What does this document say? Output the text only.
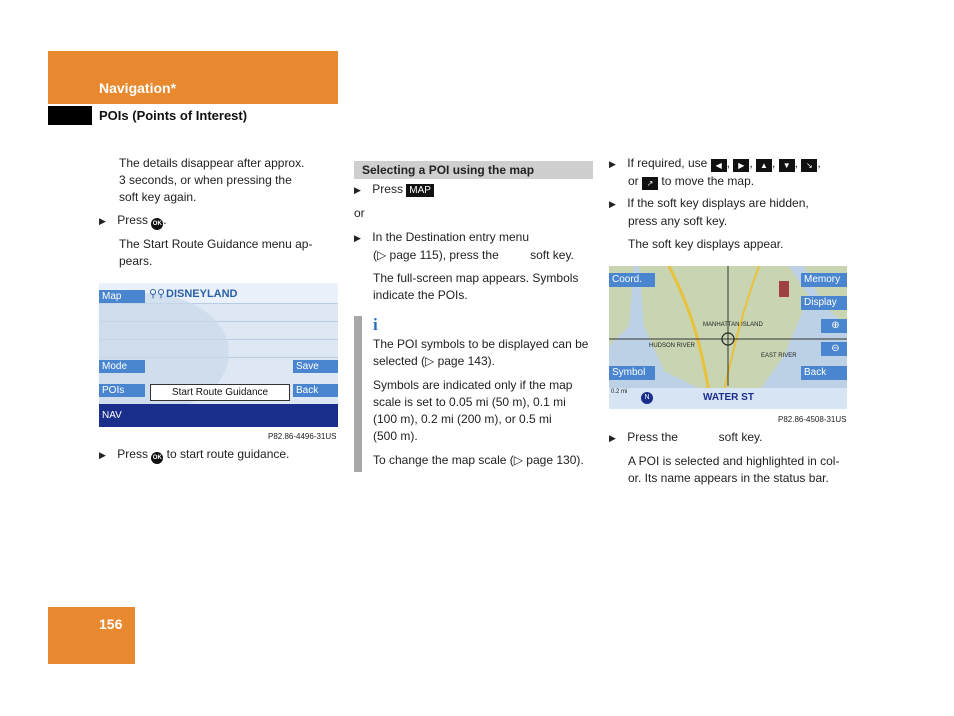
Navigation*
POIs (Points of Interest)
The details disappear after approx.
3 seconds, or when pressing the
soft key again.
▶ Press OK .
The Start Route Guidance menu ap-
pears.
Map	⚲⚲ DISNEYLAND
Mode	Save
POIs	Start Route Guidance	Back
NAV
P82.86-4496-31US
▶ Press OK to start route guidance.
Selecting a POI using the map
▶ Press MAP
or
▶ In the Destination entry menu
(▷ page 115), press the	soft key.
The full-screen map appears. Symbols
indicate the POIs.
i
The POI symbols to be displayed can be
selected (▷ page 143).
Symbols are indicated only if the map
scale is set to 0.05 mi (50 m), 0.1 mi
(100 m), 0.2 mi (200 m), or 0.5 mi
(500 m).
To change the map scale (▷ page 130).
▶ If required, use ◀ , ▶ , ▲ , ▼ , ↘ ,
or ↗ to move the map.
▶ If the soft key displays are hidden,
press any soft key.
The soft key displays appear.
Coord.	Memory
Display
⊕
⊖
Symbol	Back
MANHATTAN ISLAND
HUDSON RIVER
EAST RIVER
0.2 mi
N	WATER ST
P82.86-4508-31US
▶ Press the	soft key.
A POI is selected and highlighted in col-
or. Its name appears in the status bar.
156
